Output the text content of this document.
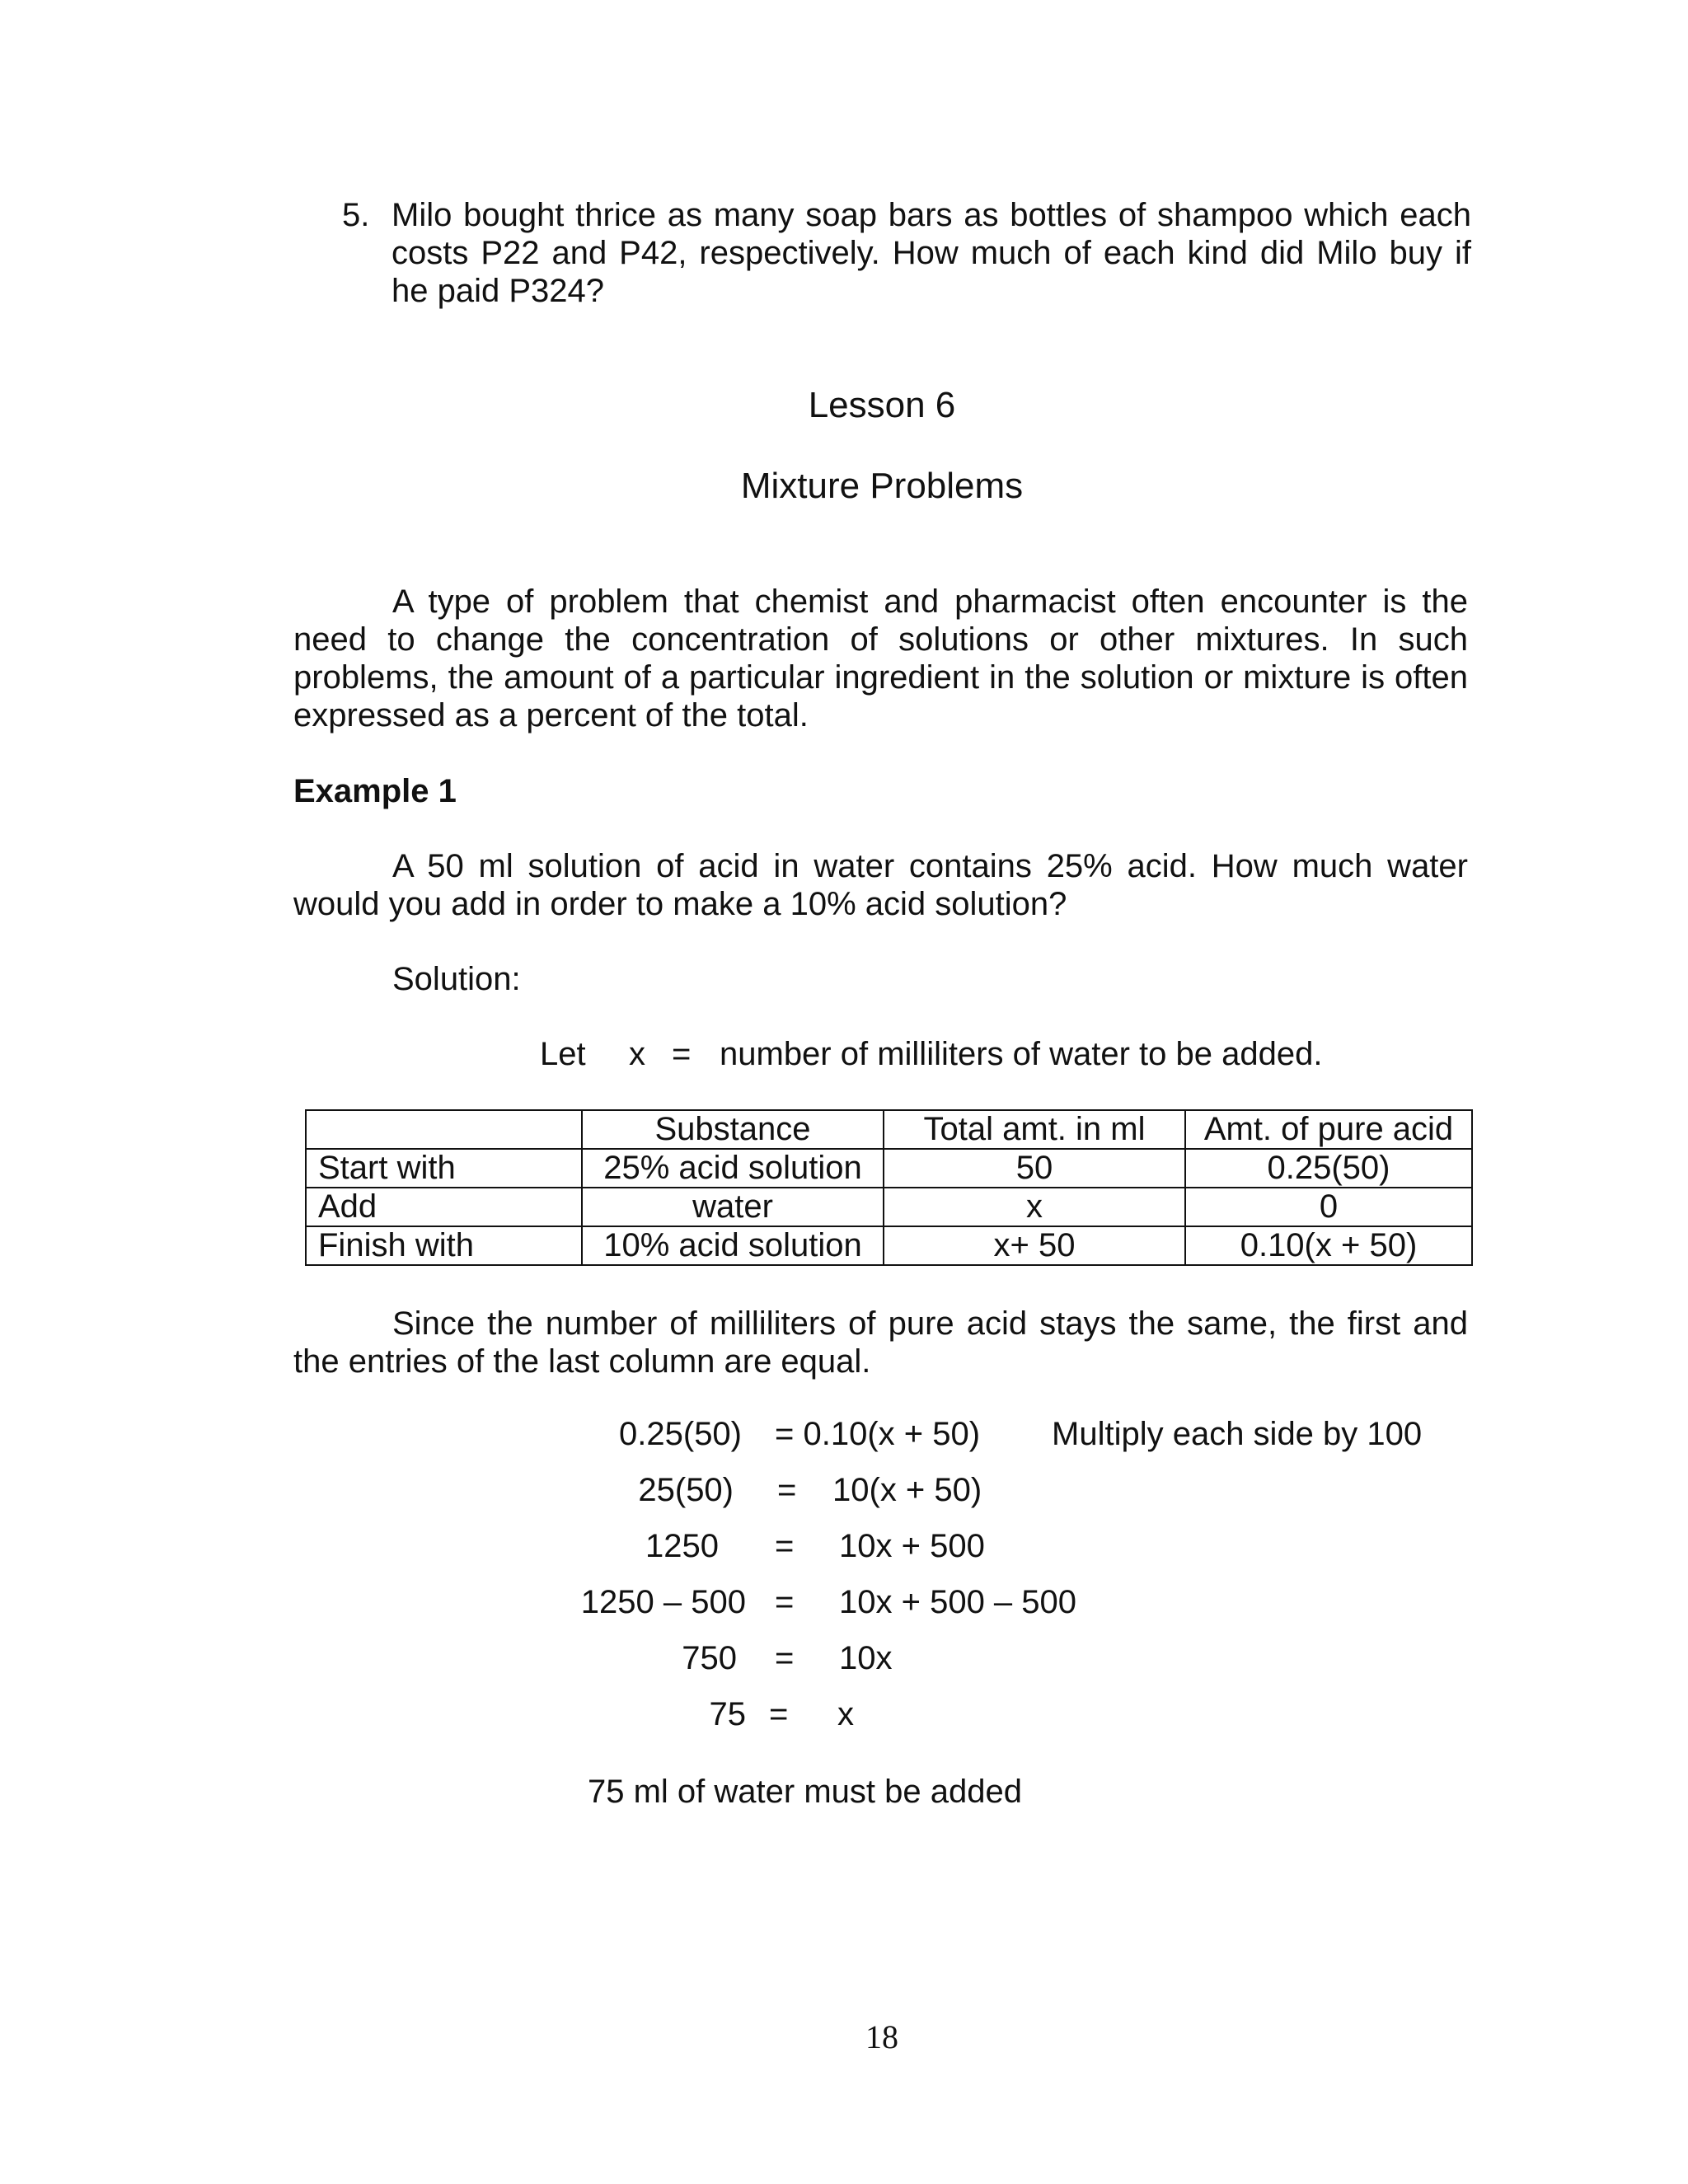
5. Milo bought thrice as many soap bars as bottles of shampoo which each costs P22 and P42, respectively. How much of each kind did Milo buy if he paid P324?
Lesson 6
Mixture Problems
A type of problem that chemist and pharmacist often encounter is the need to change the concentration of solutions or other mixtures. In such problems, the amount of a particular ingredient in the solution or mixture is often expressed as a percent of the total.
Example 1
A 50 ml solution of acid in water contains 25% acid. How much water would you add in order to make a 10% acid solution?
Solution:
Let x = number of milliliters of water to be added.
	Substance	Total amt. in ml	Amt. of pure acid
Start with	25% acid solution	50	0.25(50)
Add	water	x	0
Finish with	10% acid solution	x+ 50	0.10(x + 50)
Since the number of milliliters of pure acid stays the same, the first and the entries of the last column are equal.
0.25(50) = 0.10(x + 50) Multiply each side by 100
25(50) = 10(x + 50)
1250 = 10x + 500
1250 – 500 = 10x + 500 – 500
750 = 10x
75 = x
75 ml of water must be added
18
